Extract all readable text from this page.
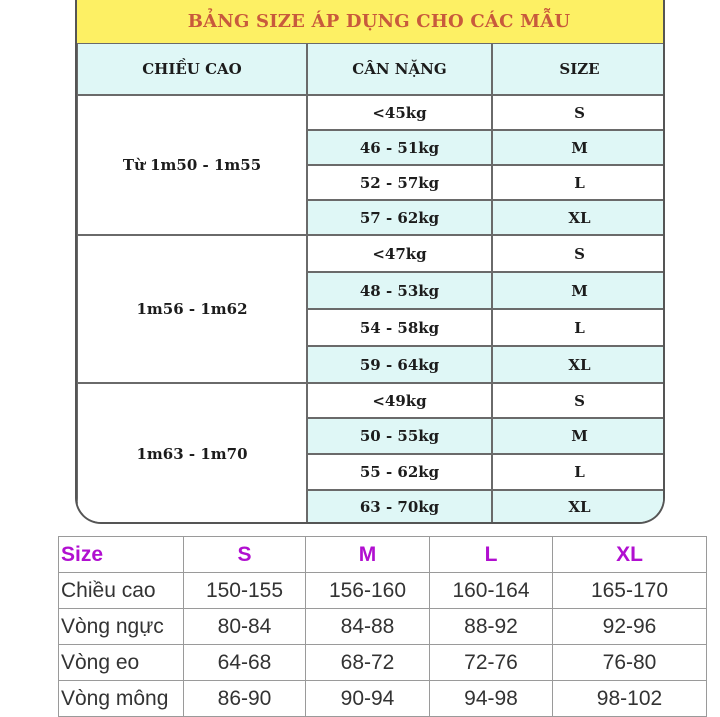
BẢNG SIZE ÁP DỤNG CHO CÁC MẪU
CHIỀU CAO	CÂN NẶNG	SIZE
Từ 1m50 - 1m55
<45kg	S
46 - 51kg	M
52 - 57kg	L
57 - 62kg	XL
1m56 - 1m62
<47kg	S
48 - 53kg	M
54 - 58kg	L
59 - 64kg	XL
1m63 - 1m70
<49kg	S
50 - 55kg	M
55 - 62kg	L
63 - 70kg	XL
Size	S	M	L	XL
Chiều cao	150-155	156-160	160-164	165-170
Vòng ngực	80-84	84-88	88-92	92-96
Vòng eo	64-68	68-72	72-76	76-80
Vòng mông	86-90	90-94	94-98	98-102
